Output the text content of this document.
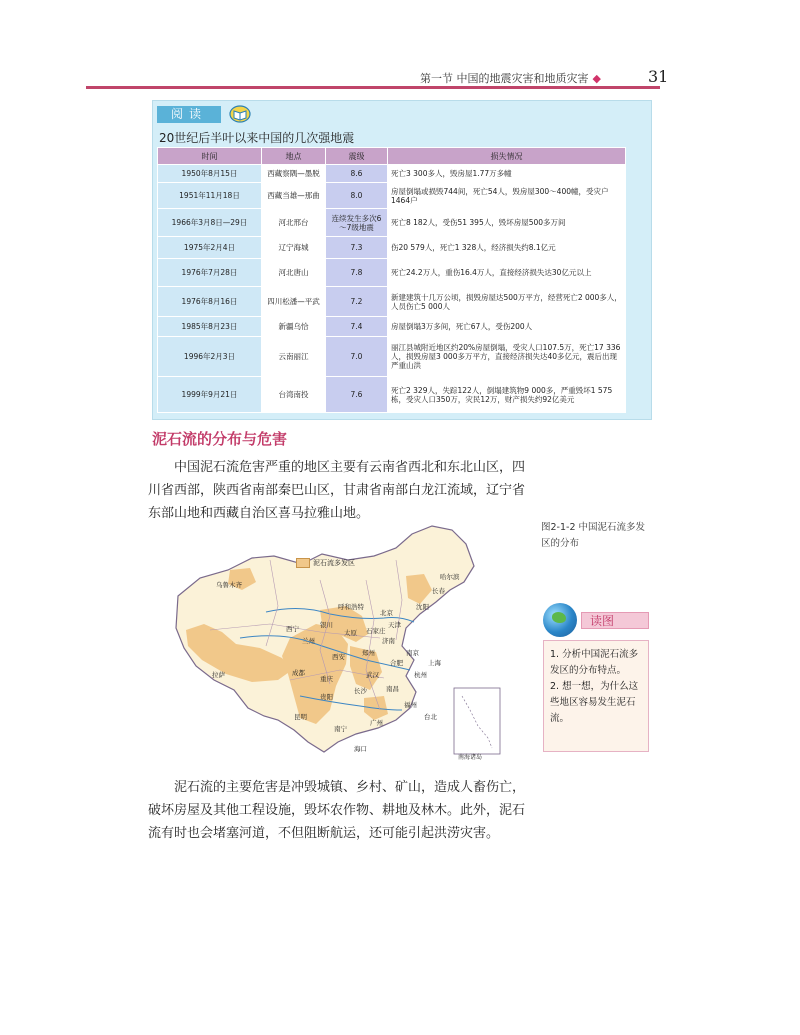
第一节 中国的地震灾害和地质灾害 ◆	31
阅读
20世纪后半叶以来中国的几次强地震
时间	地点	震级	损失情况
1950年8月15日	西藏察隅—墨脱	8.6	死亡3 300多人，毁房屋1.77万多幢
1951年11月18日	西藏当雄—那曲	8.0	房屋倒塌或损毁744间，死亡54人，毁房屋300～400幢，受灾户1464户
1966年3月8日—29日	河北邢台	连续发生多次6～7级地震	死亡8 182人，受伤51 395人，毁坏房屋500多万间
1975年2月4日	辽宁海城	7.3	伤20 579人，死亡1 328人，经济损失约8.1亿元
1976年7月28日	河北唐山	7.8	死亡24.2万人，重伤16.4万人，直接经济损失达30亿元以上
1976年8月16日	四川松潘—平武	7.2	新建建筑十几万公顷，损毁房屋达500万平方，经营死亡2 000多人，人员伤亡5 000人
1985年8月23日	新疆乌恰	7.4	房屋倒塌3万多间，死亡67人，受伤200人
1996年2月3日	云南丽江	7.0	丽江县城附近地区约20%房屋倒塌，受灾人口107.5万，死亡17 336人，损毁房屋3 000多万平方，直接经济损失达40多亿元，震后出现严重山洪
1999年9月21日	台湾南投	7.6	死亡2 329人，失踪122人，倒塌建筑物9 000多，严重毁坏1 575栋，受灾人口350万，灾民12万，财产损失约92亿美元
泥石流的分布与危害
中国泥石流危害严重的地区主要有云南省西北和东北山区，四川省西部，陕西省南部秦巴山区，甘肃省南部白龙江流域，辽宁省东部山地和西藏自治区喜马拉雅山地。
泥石流多发区
哈尔滨
长春
沈阳
北京
天津
呼和浩特
石家庄
太原
济南
郑州
西安
兰州
银川
西宁
乌鲁木齐
拉萨	成都
重庆
贵阳
昆明
南宁
长沙
武汉
合肥
南京
上海
杭州
南昌
福州
台北
广州
海口
南海诸岛
图2-1-2 中国泥石流多发区的分布
读图
1. 分析中国泥石流多发区的分布特点。
2. 想一想，为什么这些地区容易发生泥石流。
泥石流的主要危害是冲毁城镇、乡村、矿山，造成人畜伤亡，破坏房屋及其他工程设施，毁坏农作物、耕地及林木。此外，泥石流有时也会堵塞河道，不但阻断航运，还可能引起洪涝灾害。
